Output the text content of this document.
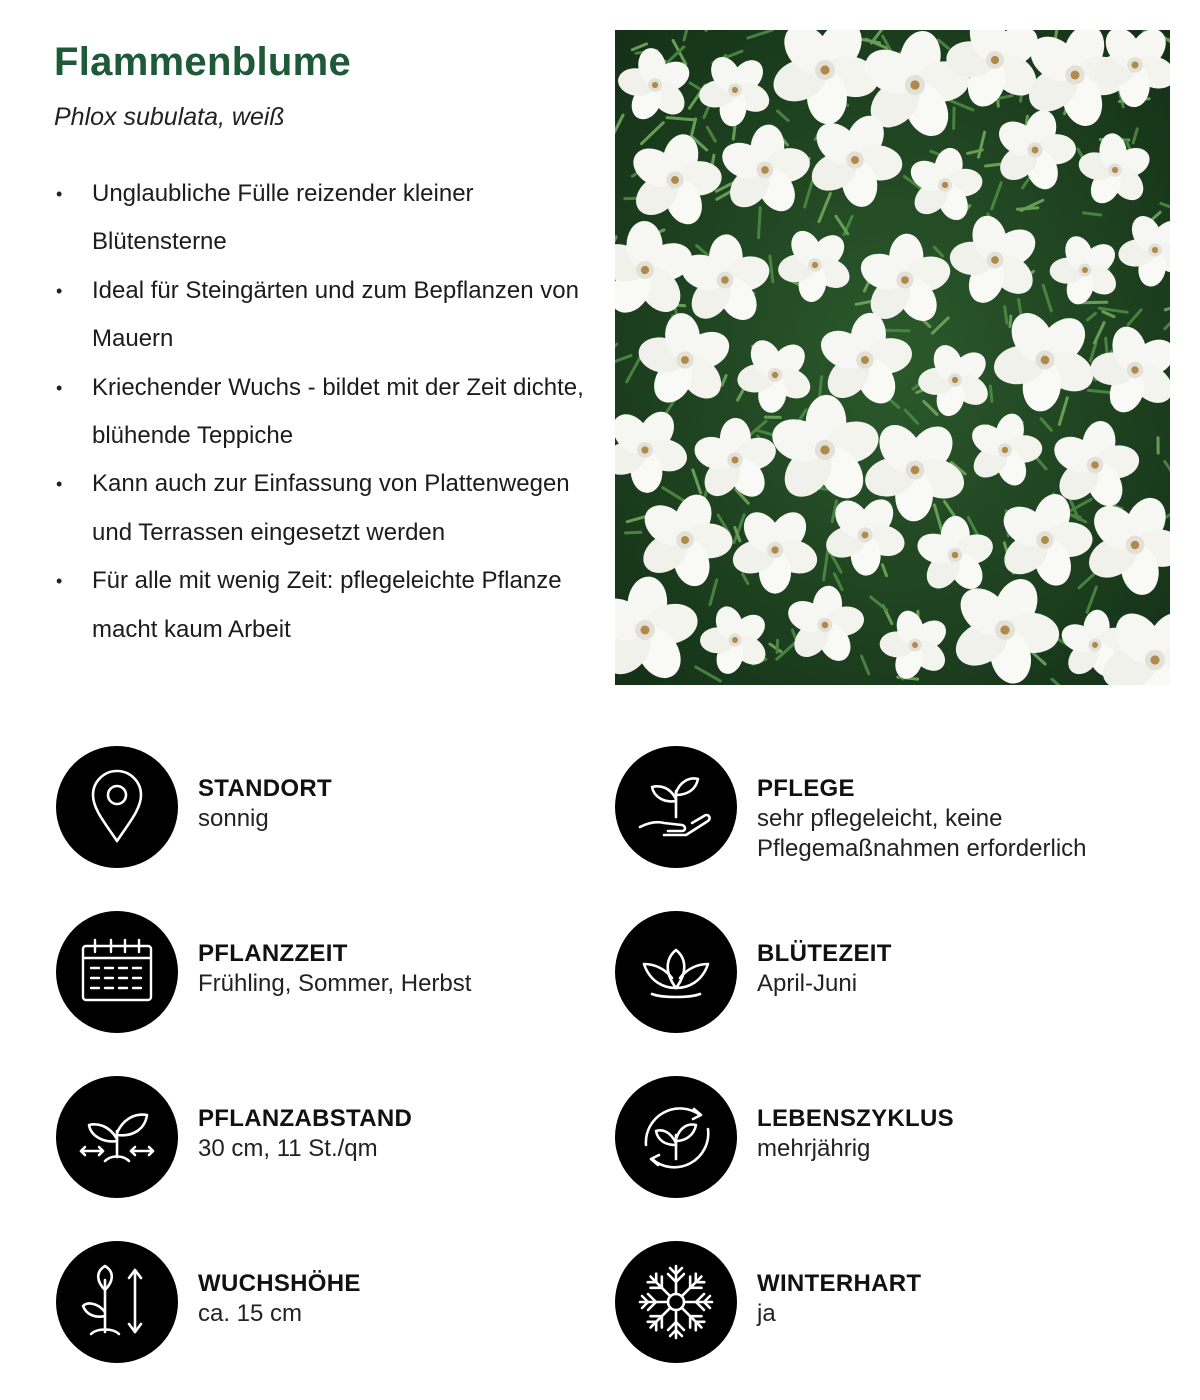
Flammenblume
Phlox subulata, weiß
• Unglaubliche Fülle reizender kleiner Blütensterne
• Ideal für Steingärten und zum Bepflanzen von Mauern
• Kriechender Wuchs - bildet mit der Zeit dichte, blühende Teppiche
• Kann auch zur Einfassung von Plattenwegen und Terrassen eingesetzt werden
• Für alle mit wenig Zeit: pflegeleichte Pflanze macht kaum Arbeit
STANDORT
sonnig
PFLEGE
sehr pflegeleicht, keine Pflegemaßnahmen erforderlich
PFLANZZEIT
Frühling, Sommer, Herbst
BLÜTEZEIT
April-Juni
PFLANZABSTAND
30 cm, 11 St./qm
LEBENSZYKLUS
mehrjährig
WUCHSHÖHE
ca. 15 cm
WINTERHART
ja
